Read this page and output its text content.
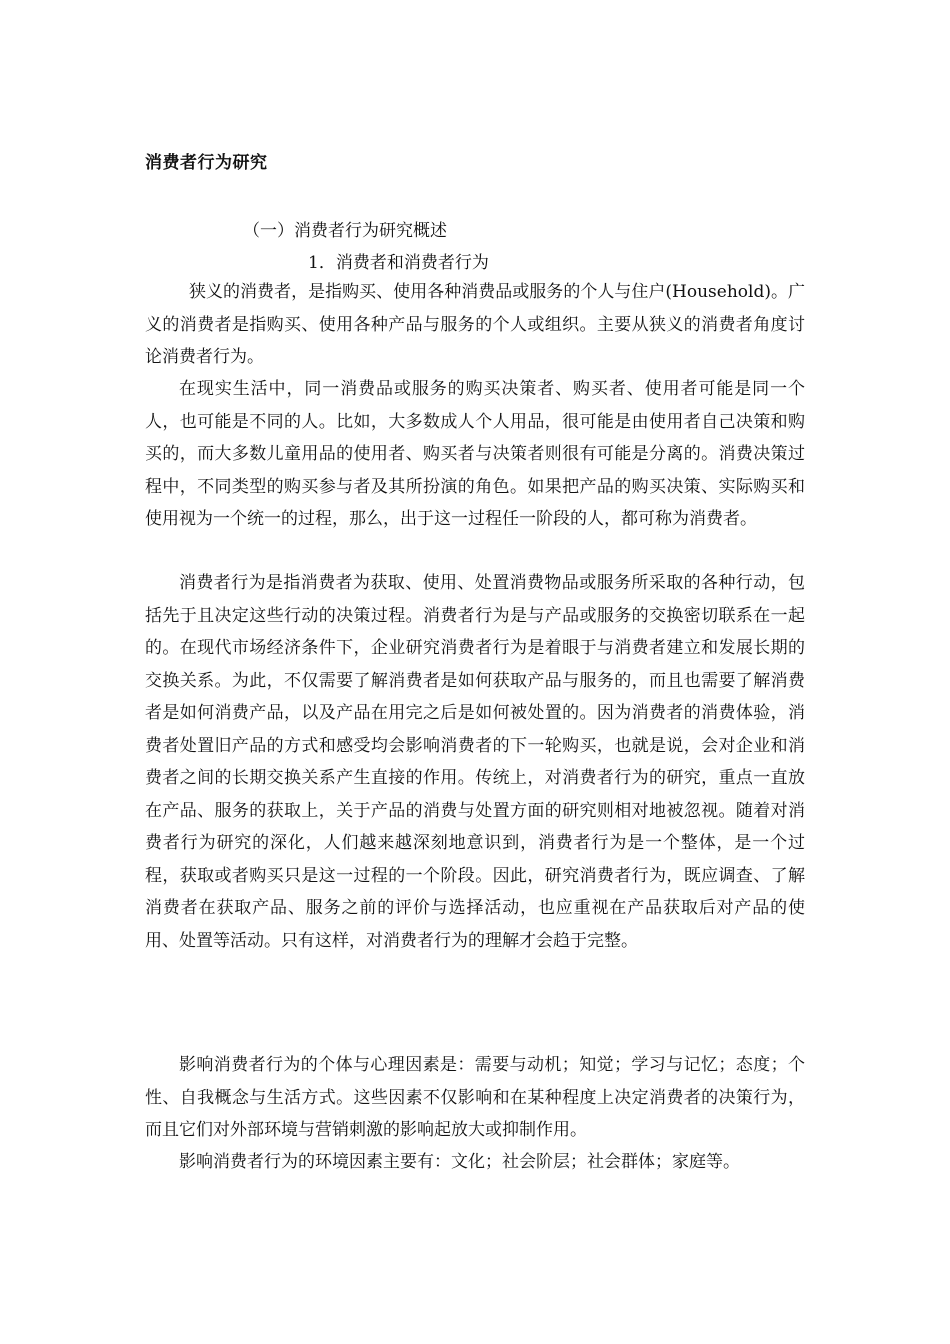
消费者行为研究
（一）消费者行为研究概述
1．消费者和消费者行为
狭义的消费者，是指购买、使用各种消费品或服务的个人与住户(Household)。广义的消费者是指购买、使用各种产品与服务的个人或组织。主要从狭义的消费者角度讨论消费者行为。
在现实生活中，同一消费品或服务的购买决策者、购买者、使用者可能是同一个人，也可能是不同的人。比如，大多数成人个人用品，很可能是由使用者自己决策和购买的，而大多数儿童用品的使用者、购买者与决策者则很有可能是分离的。消费决策过程中，不同类型的购买参与者及其所扮演的角色。如果把产品的购买决策、实际购买和使用视为一个统一的过程，那么，出于这一过程任一阶段的人，都可称为消费者。
消费者行为是指消费者为获取、使用、处置消费物品或服务所采取的各种行动，包括先于且决定这些行动的决策过程。消费者行为是与产品或服务的交换密切联系在一起的。在现代市场经济条件下，企业研究消费者行为是着眼于与消费者建立和发展长期的交换关系。为此，不仅需要了解消费者是如何获取产品与服务的，而且也需要了解消费者是如何消费产品，以及产品在用完之后是如何被处置的。因为消费者的消费体验，消费者处置旧产品的方式和感受均会影响消费者的下一轮购买，也就是说，会对企业和消费者之间的长期交换关系产生直接的作用。传统上，对消费者行为的研究，重点一直放在产品、服务的获取上，关于产品的消费与处置方面的研究则相对地被忽视。随着对消费者行为研究的深化，人们越来越深刻地意识到，消费者行为是一个整体，是一个过程，获取或者购买只是这一过程的一个阶段。因此，研究消费者行为，既应调查、了解消费者在获取产品、服务之前的评价与选择活动，也应重视在产品获取后对产品的使用、处置等活动。只有这样，对消费者行为的理解才会趋于完整。
影响消费者行为的个体与心理因素是：需要与动机；知觉；学习与记忆；态度；个性、自我概念与生活方式。这些因素不仅影响和在某种程度上决定消费者的决策行为，而且它们对外部环境与营销刺激的影响起放大或抑制作用。
影响消费者行为的环境因素主要有：文化；社会阶层；社会群体；家庭等。
